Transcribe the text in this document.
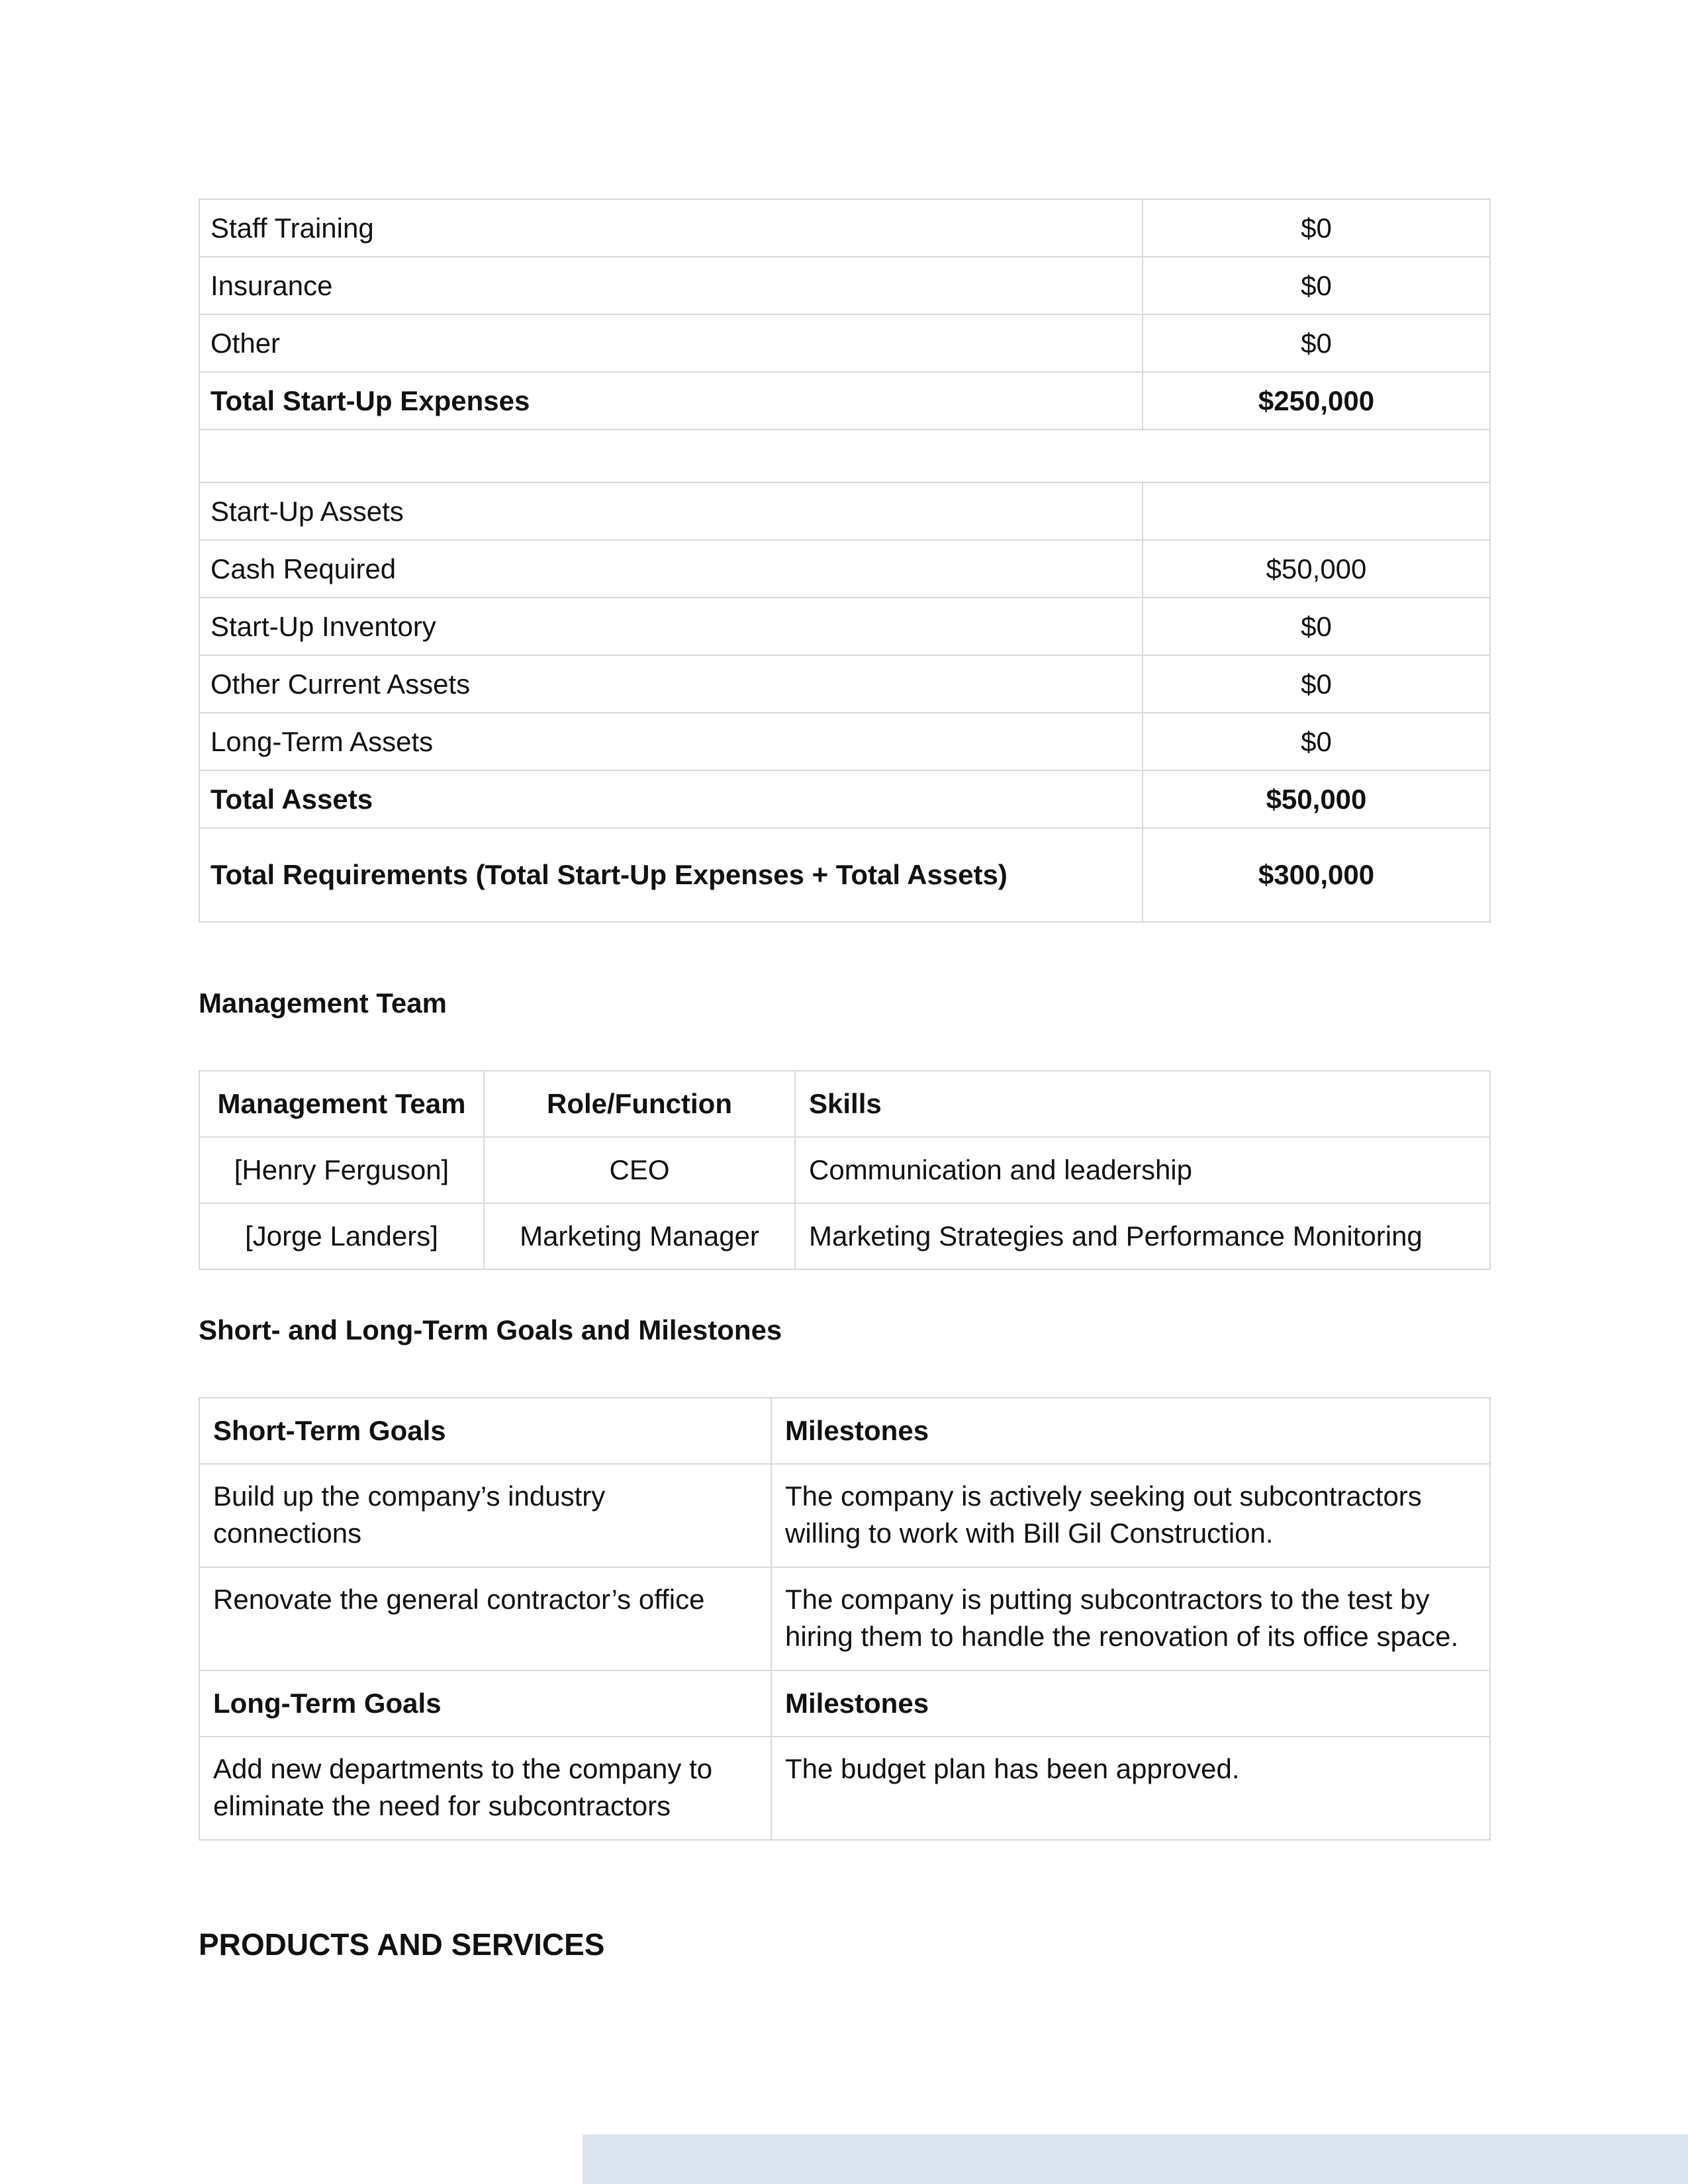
Staff Training	$0
Insurance	$0
Other	$0
Total Start-Up Expenses	$250,000

Start-Up Assets	
Cash Required	$50,000
Start-Up Inventory	$0
Other Current Assets	$0
Long-Term Assets	$0
Total Assets	$50,000
Total Requirements (Total Start-Up Expenses + Total Assets)	$300,000
Management Team
Management Team	Role/Function	Skills
[Henry Ferguson]	CEO	Communication and leadership
[Jorge Landers]	Marketing Manager	Marketing Strategies and Performance Monitoring
Short- and Long-Term Goals and Milestones
Short-Term Goals	Milestones
Build up the company’s industry connections	The company is actively seeking out subcontractors willing to work with Bill Gil Construction.
Renovate the general contractor’s office	The company is putting subcontractors to the test by hiring them to handle the renovation of its office space.
Long-Term Goals	Milestones
Add new departments to the company to eliminate the need for subcontractors	The budget plan has been approved.
PRODUCTS AND SERVICES
